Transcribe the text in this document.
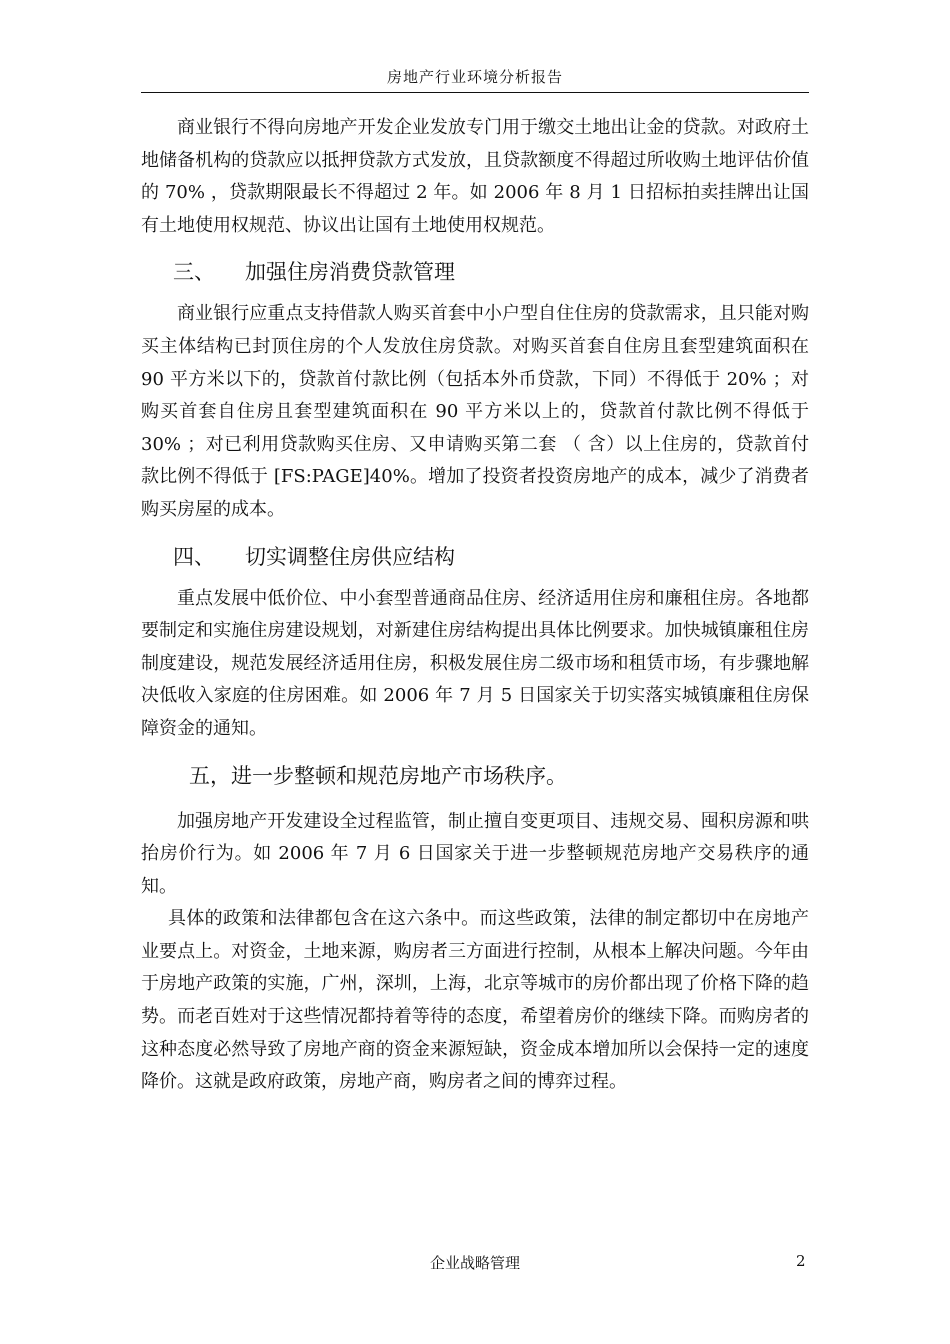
房地产行业环境分析报告

商业银行不得向房地产开发企业发放专门用于缴交土地出让金的贷款。对政府土地储备机构的贷款应以抵押贷款方式发放，且贷款额度不得超过所收购土地评估价值的 70% ，贷款期限最长不得超过 2 年。如 2006 年 8 月 1 日招标拍卖挂牌出让国有土地使用权规范、协议出让国有土地使用权规范。

三、 加强住房消费贷款管理

商业银行应重点支持借款人购买首套中小户型自住住房的贷款需求，且只能对购买主体结构已封顶住房的个人发放住房贷款。对购买首套自住房且套型建筑面积在 90 平方米以下的，贷款首付款比例（包括本外币贷款，下同）不得低于 20% ；对购买首套自住房且套型建筑面积在 90 平方米以上的，贷款首付款比例不得低于 30% ；对已利用贷款购买住房、又申请购买第二套 （ 含）以上住房的，贷款首付款比例不得低于 [FS:PAGE]40%。增加了投资者投资房地产的成本，减少了消费者购买房屋的成本。

四、 切实调整住房供应结构

重点发展中低价位、中小套型普通商品住房、经济适用住房和廉租住房。各地都要制定和实施住房建设规划，对新建住房结构提出具体比例要求。加快城镇廉租住房制度建设，规范发展经济适用住房，积极发展住房二级市场和租赁市场，有步骤地解决低收入家庭的住房困难。如 2006 年 7 月 5 日国家关于切实落实城镇廉租住房保障资金的通知。

五，进一步整顿和规范房地产市场秩序。

加强房地产开发建设全过程监管，制止擅自变更项目、违规交易、囤积房源和哄抬房价行为。如 2006 年 7 月 6 日国家关于进一步整顿规范房地产交易秩序的通知。

具体的政策和法律都包含在这六条中。而这些政策，法律的制定都切中在房地产业要点上。对资金，土地来源，购房者三方面进行控制，从根本上解决问题。今年由于房地产政策的实施，广州，深圳，上海，北京等城市的房价都出现了价格下降的趋势。而老百姓对于这些情况都持着等待的态度，希望着房价的继续下降。而购房者的这种态度必然导致了房地产商的资金来源短缺，资金成本增加所以会保持一定的速度降价。这就是政府政策，房地产商，购房者之间的博弈过程。

企业战略管理	2
